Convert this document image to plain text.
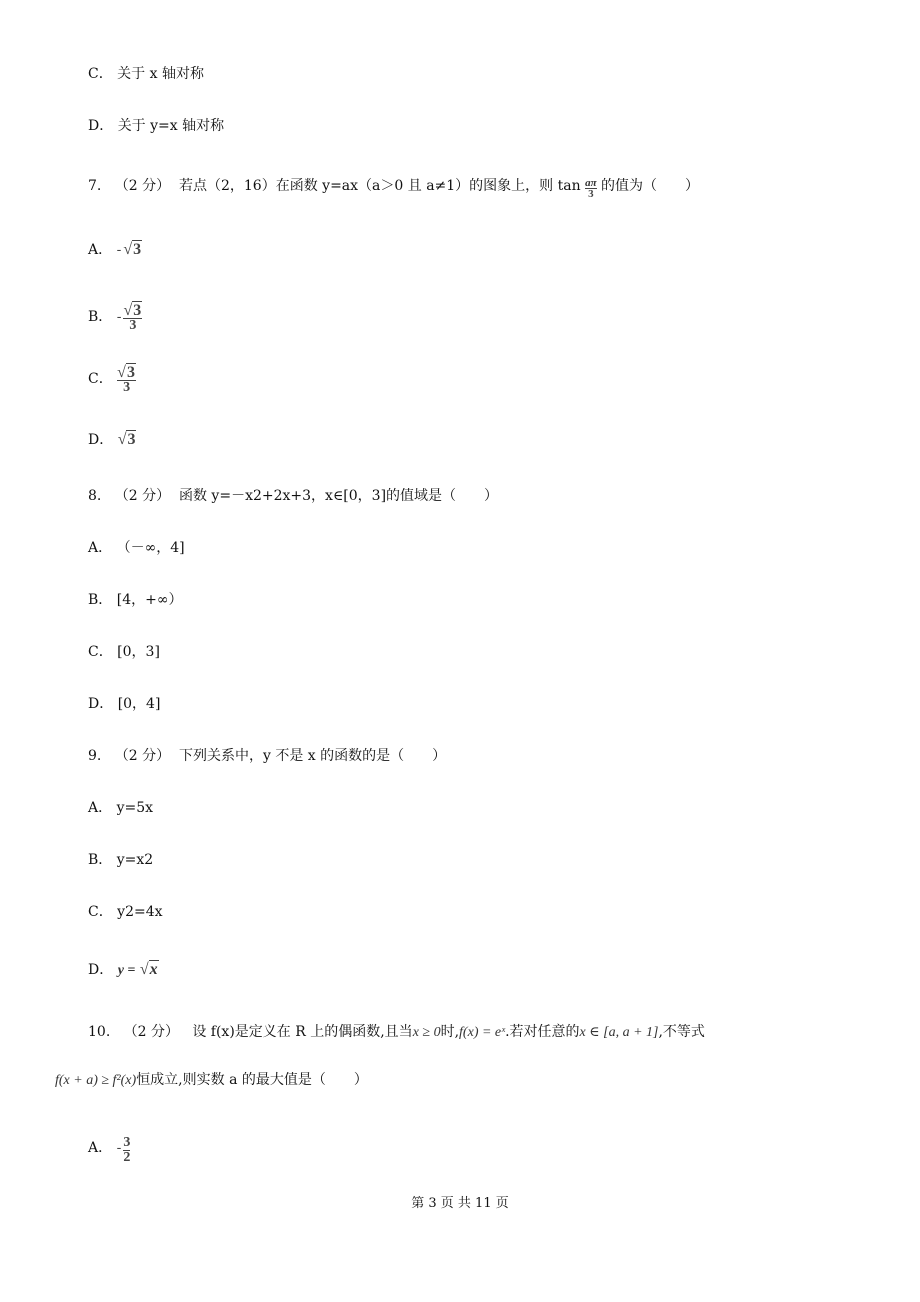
C． 关于 x 轴对称
D． 关于 y=x 轴对称
7. （2 分） 若点（2，16）在函数 y=ax（a＞0 且 a≠1）的图象上，则 $\tan \frac{a\pi}{3}$ 的值为（　　）
A． - √3
B． - $\frac{√3}{3}$
C． $\frac{√3}{3}$
D． √3
8. （2 分） 函数 y=－x2+2x+3，x∈[0，3]的值域是（　　）
A． （－∞，4]
B． [4，+∞）
C． [0，3]
D． [0，4]
9. （2 分） 下列关系中，y 不是 x 的函数的是（　　）
A． y=5x
B． y=x2
C． y2=4x
D． y = √x
10. （2 分） 设 f(x)是定义在 R 上的偶函数,且当x ≥ 0时,f(x) = eˣ.若对任意的x ∈ [a, a + 1],不等式
f(x + a) ≥ f²(x)恒成立,则实数 a 的最大值是（　　）
A． - $\frac{3}{2}$
第 3 页 共 11 页
